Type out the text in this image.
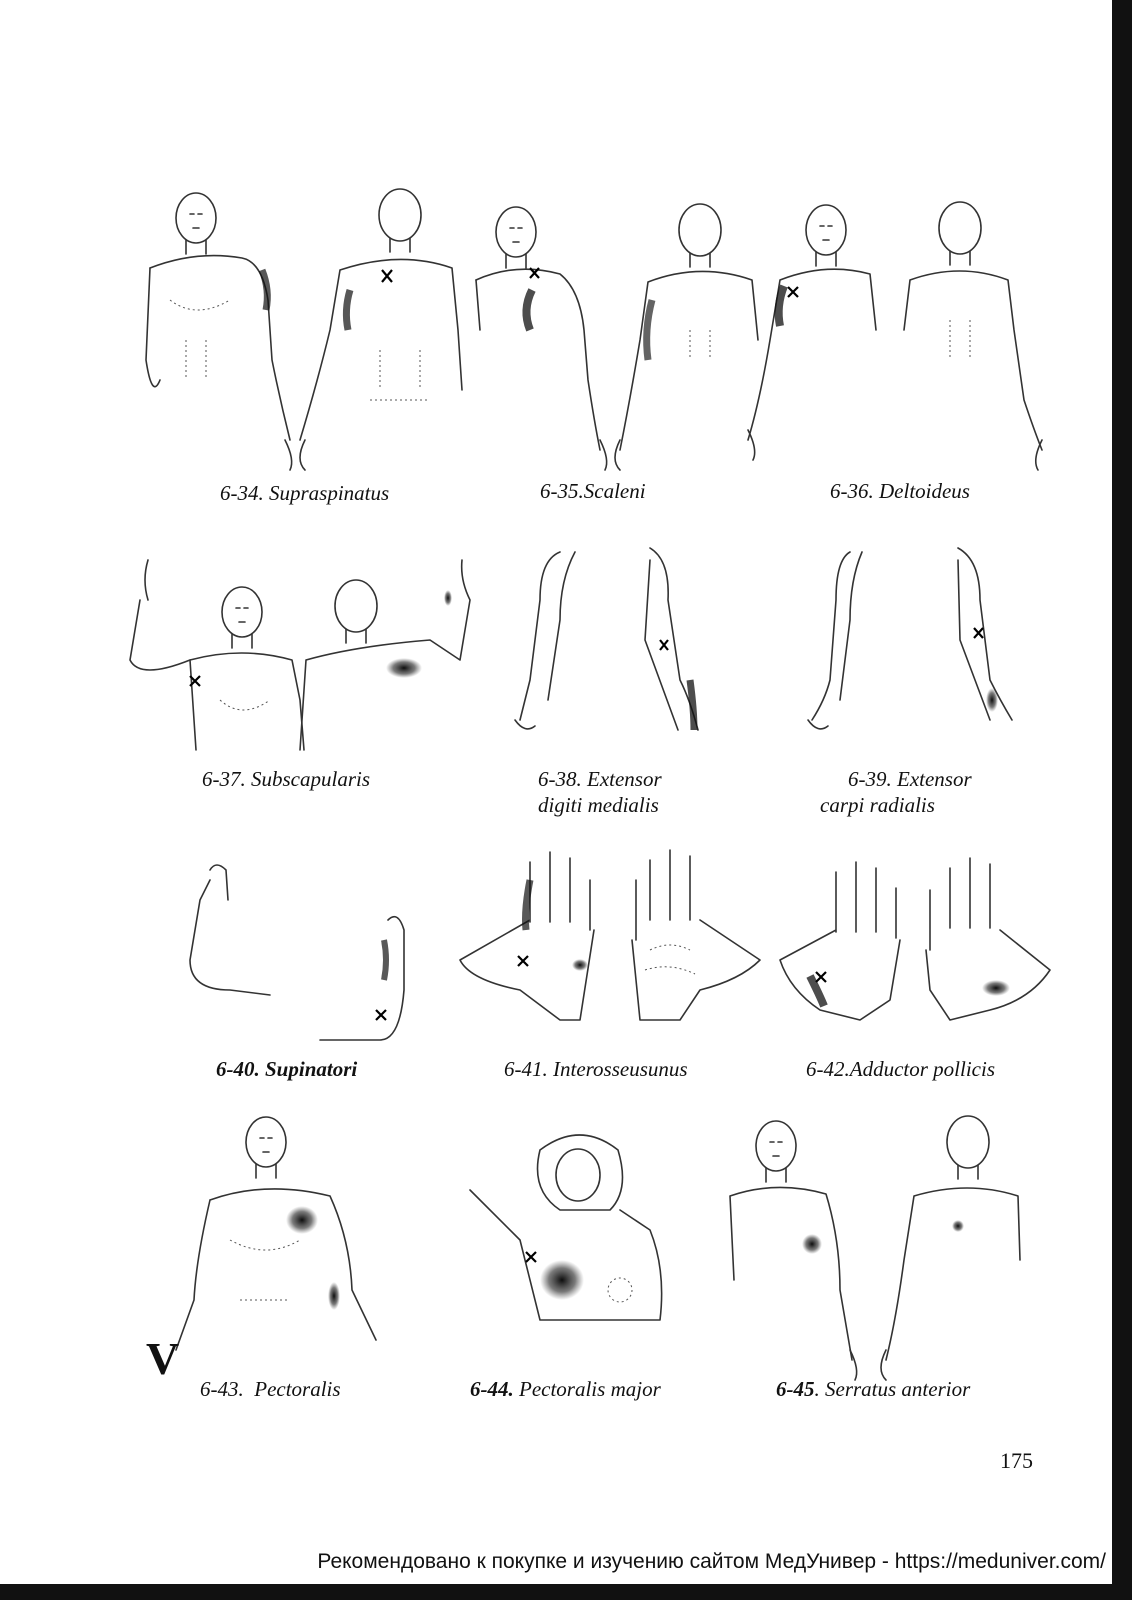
6-34. Supraspinatus	6-35.Scaleni	6-36. Deltoideus
6-37. Subscapularis	6-38. Extensor
digiti medialis
6-39. Extensor
carpi radialis
6-40. Supinatori	6-41. Interosseusunus	6-42.Adductor pollicis
6-43. Pectoralis	6-44. Pectoralis major	6-45. Serratus anterior
V
175
Рекомендовано к покупке и изучению сайтом МедУнивер - https://meduniver.com/
